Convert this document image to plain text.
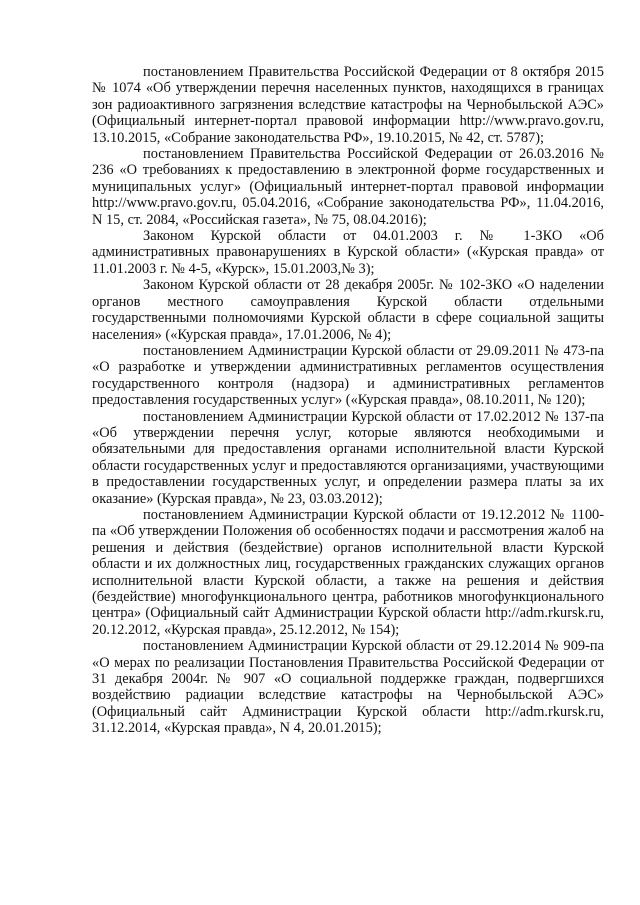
постановлением Правительства Российской Федерации от 8 октября 2015 № 1074 «Об утверждении перечня населенных пунктов, находящихся в границах зон радиоактивного загрязнения вследствие катастрофы на Чернобыльской АЭС» (Официальный интернет-портал правовой информации http://www.pravo.gov.ru, 13.10.2015, «Собрание законодательства РФ», 19.10.2015, № 42, ст. 5787);

постановлением Правительства Российской Федерации от 26.03.2016 № 236 «О требованиях к предоставлению в электронной форме государственных и муниципальных услуг» (Официальный интернет-портал правовой информации http://www.pravo.gov.ru, 05.04.2016, «Собрание законодательства РФ», 11.04.2016, N 15, ст. 2084, «Российская газета», № 75, 08.04.2016);

Законом Курской области от 04.01.2003 г. № 1-ЗКО «Об административных правонарушениях в Курской области» («Курская правда» от 11.01.2003 г. № 4-5, «Курск», 15.01.2003,№ 3);

Законом Курской области от 28 декабря 2005г. № 102-ЗКО «О наделении органов местного самоуправления Курской области отдельными государственными полномочиями Курской области в сфере социальной защиты населения» («Курская правда», 17.01.2006, № 4);

постановлением Администрации Курской области от 29.09.2011 № 473-па «О разработке и утверждении административных регламентов осуществления государственного контроля (надзора) и административных регламентов предоставления государственных услуг» («Курская правда», 08.10.2011, № 120);

постановлением Администрации Курской области от 17.02.2012 № 137-па «Об утверждении перечня услуг, которые являются необходимыми и обязательными для предоставления органами исполнительной власти Курской области государственных услуг и предоставляются организациями, участвующими в предоставлении государственных услуг, и определении размера платы за их оказание» (Курская правда», № 23, 03.03.2012);

постановлением Администрации Курской области от 19.12.2012 № 1100-па «Об утверждении Положения об особенностях подачи и рассмотрения жалоб на решения и действия (бездействие) органов исполнительной власти Курской области и их должностных лиц, государственных гражданских служащих органов исполнительной власти Курской области, а также на решения и действия (бездействие) многофункционального центра, работников многофункционального центра» (Официальный сайт Администрации Курской области http://adm.rkursk.ru, 20.12.2012, «Курская правда», 25.12.2012, № 154);

постановлением Администрации Курской области от 29.12.2014 № 909-па «О мерах по реализации Постановления Правительства Российской Федерации от 31 декабря 2004г. № 907 «О социальной поддержке граждан, подвергшихся воздействию радиации вследствие катастрофы на Чернобыльской АЭС» (Официальный сайт Администрации Курской области http://adm.rkursk.ru, 31.12.2014, «Курская правда», N 4, 20.01.2015);
